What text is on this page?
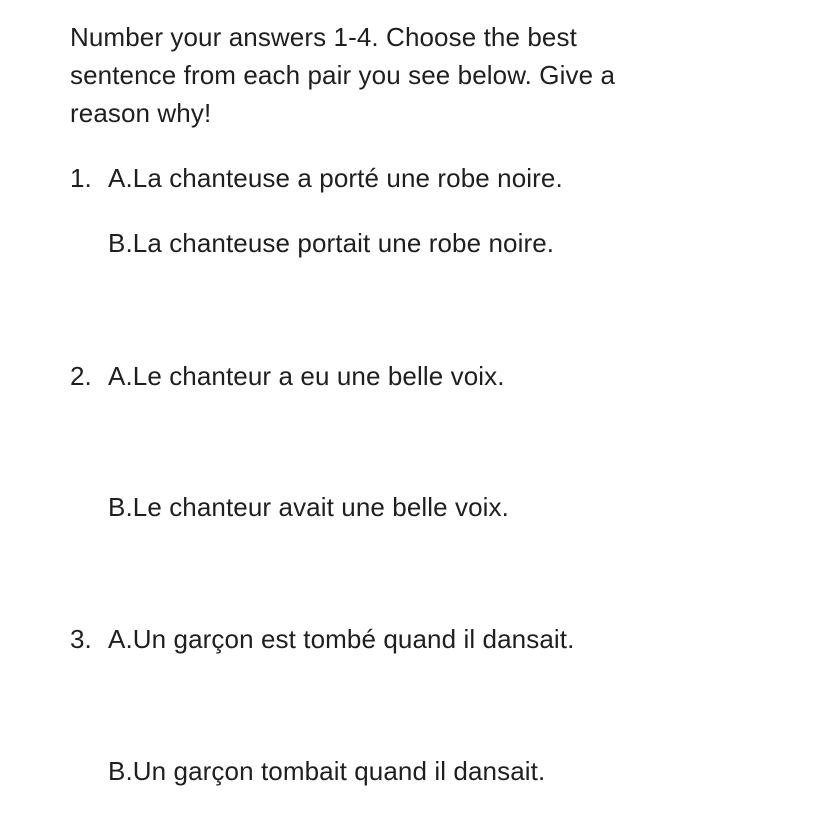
Number your answers 1-4. Choose the best
sentence from each pair you see below. Give a
reason why!
1. A.La chanteuse a porté une robe noire.
B.La chanteuse portait une robe noire.
2. A.Le chanteur a eu une belle voix.
B.Le chanteur avait une belle voix.
3. A.Un garçon est tombé quand il dansait.
B.Un garçon tombait quand il dansait.
